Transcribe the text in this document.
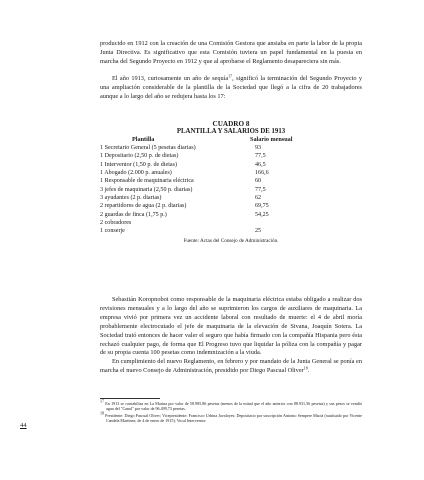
producido en 1912 con la creación de una Comisión Gestora que ansiaba en parte la labor de la propia Junta Directiva. Es significativo que esta Comisión tuviera un papel fundamental en la puesta en marcha del Segundo Proyecto en 1912 y que al aprobarse el Reglamento desapareciera sin más.

El año 1913, curiosamente un año de sequía$^{17}$, significó la terminación del Segundo Proyecto y una ampliación considerable de la plantilla de la Sociedad que llegó a la cifra de 20 trabajadores aunque a lo largo del año se redujera hasta los 17:

CUADRO 8

PLANTILLA Y SALARIOS DE 1913

Plantilla	Salario mensual
1 Secretario General (5 pesetas diarias)	93
1 Depositario (2,50 p. de dietas)	77,5
1 Interventor (1,50 p. de dietas)	46,5
1 Abogado (2.000 p. anuales)	166,6
1 Responsable de maquinaria eléctrica	60
3 jefes de maquinaria (2,50 p. diarias)	77,5
3 ayudantes (2 p. diarias)	62
2 repartidores de agua (2 p. diarias)	69,75
2 guardas de finca (1,75 p.)	54,25
2 cobradores
1 conserje	25

Fuente: Actas del Consejo de Administración.

Sebastián Koropnobot como responsable de la maquinaria eléctrica estaba obligado a realizar dos revisiones mensuales y a lo largo del año se suprimieron los cargos de auxiliares de maquinaria. La empresa vivió por primera vez un accidente laboral con resultado de muerte: el 4 de abril moría probablemente electrocutado el jefe de maquinaria de la elevación de Sivana, Joaquín Sotera. La Sociedad trató entonces de hacer valer el seguro que había firmado con la compañía Hispania pero ésta rechazó cualquier pago, de forma que El Progreso tuvo que liquidar la póliza con la compañía y pagar de su propia cuenta 100 pesetas como indemnización a la viuda.

En cumplimiento del nuevo Reglamento, en febrero y por mandato de la Junta General se ponía en marcha el nuevo Consejo de Administración, presidido por Diego Pascual Oliver$^{18}$.

$^{17}$ En 1913 se contabiliza en La Marina por valor de 58.985,86 pesetas (menos de la mitad que el año anterior con 88.931,56 pesetas) y sus pesos se vendió agua del "Canal" por valor de 96.499,73 pesetas.

$^{18}$ Presidente: Diego Pascual Oliver; Vicepresidente: Francisco Urbina Javaloyes; Depositario por suscripción Antonio Sempere Maciá (sustituido por Vicente Candela Martínez; de 4 de enero de 1915), Vocal Interventor:

44
